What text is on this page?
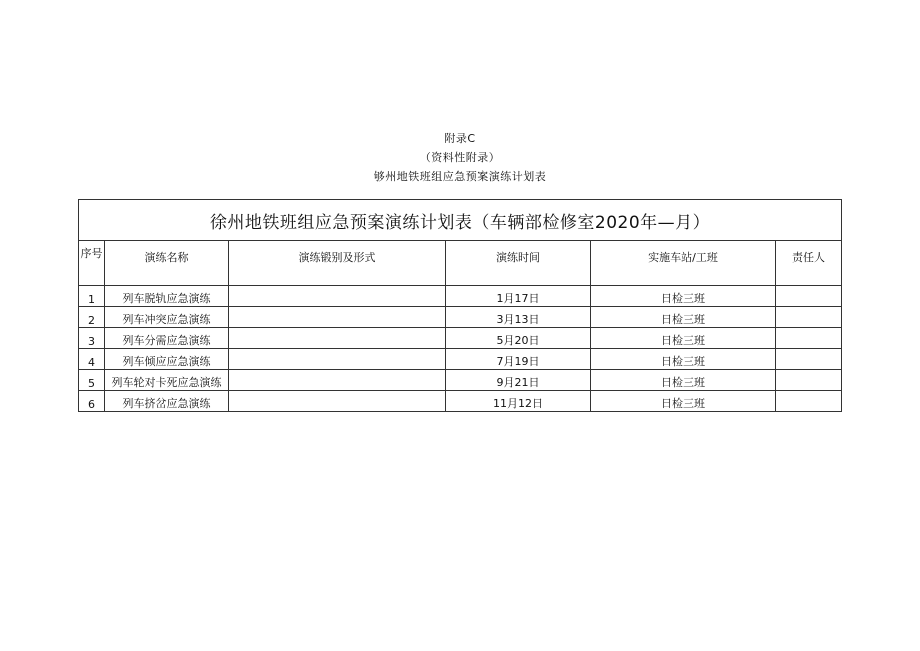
附录C
（资料性附录）
够州地铁班组应急预案演练计划表
徐州地铁班组应急预案演练计划表（车辆部检修室2020年—月）					
序号	演练名称	演练锻别及形式	演练时间	实施车站/工班	责任人
1	列车脱轨应急演练		1月17日	日检三班	
2	列车冲突应急演练		3月13日	日检三班	
3	列车分需应急演练		5月20日	日检三班	
4	列车倾应应急演练		7月19日	日检三班	
5	列车轮对卡死应急演练		9月21日	日检三班	
6	列车挤岔应急演练		11月12日	日检三班	
